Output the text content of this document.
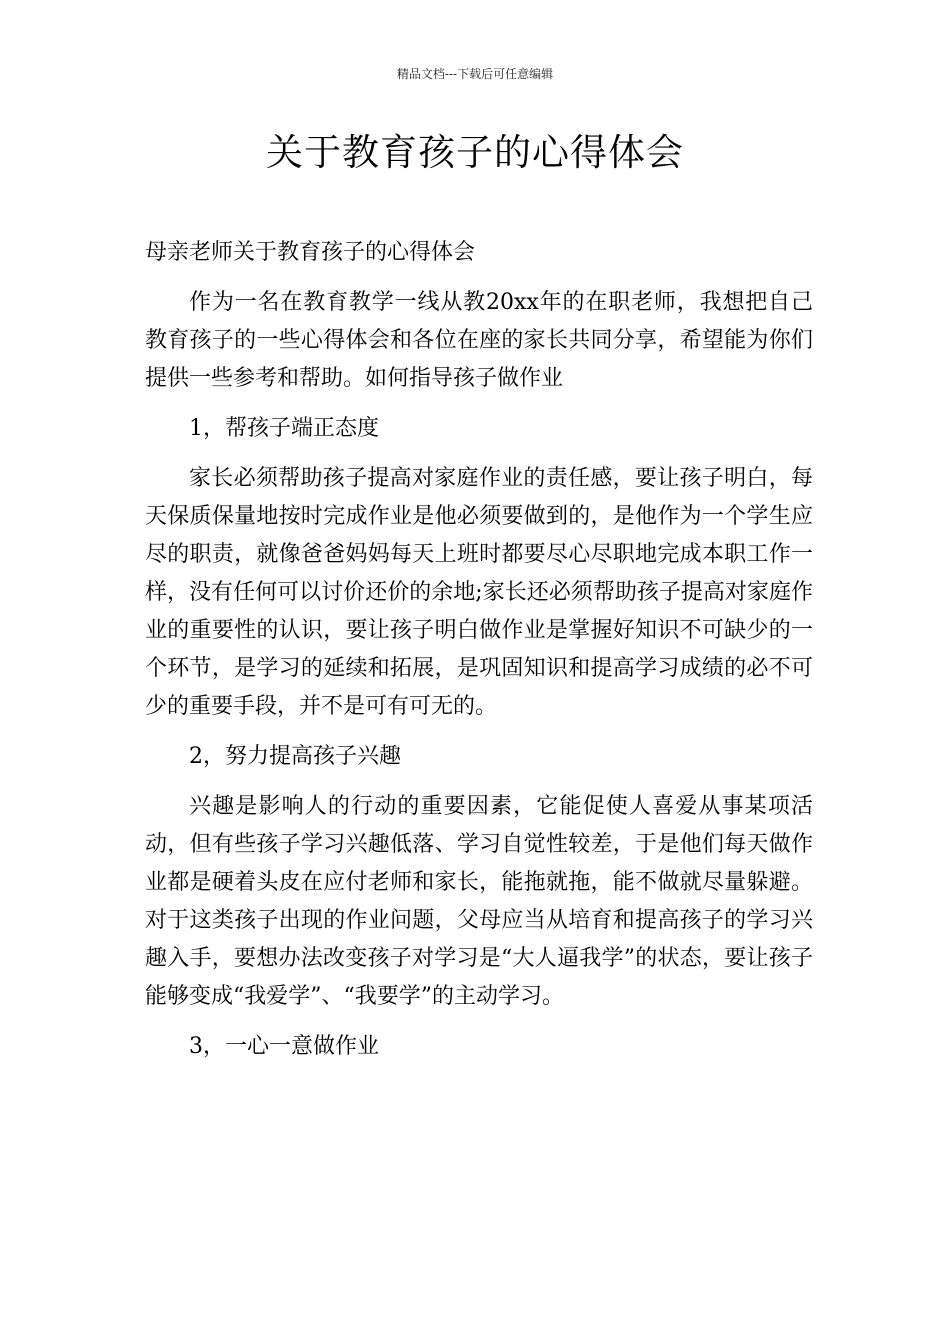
精品文档---下载后可任意编辑
关于教育孩子的心得体会

母亲老师关于教育孩子的心得体会

作为一名在教育教学一线从教20xx年的在职老师，我想把自己教育孩子的一些心得体会和各位在座的家长共同分享，希望能为你们提供一些参考和帮助。如何指导孩子做作业

1，帮孩子端正态度

家长必须帮助孩子提高对家庭作业的责任感，要让孩子明白，每天保质保量地按时完成作业是他必须要做到的，是他作为一个学生应尽的职责，就像爸爸妈妈每天上班时都要尽心尽职地完成本职工作一样，没有任何可以讨价还价的余地;家长还必须帮助孩子提高对家庭作业的重要性的认识，要让孩子明白做作业是掌握好知识不可缺少的一个环节，是学习的延续和拓展，是巩固知识和提高学习成绩的必不可少的重要手段，并不是可有可无的。

2，努力提高孩子兴趣

兴趣是影响人的行动的重要因素，它能促使人喜爱从事某项活动，但有些孩子学习兴趣低落、学习自觉性较差，于是他们每天做作业都是硬着头皮在应付老师和家长，能拖就拖，能不做就尽量躲避。对于这类孩子出现的作业问题，父母应当从培育和提高孩子的学习兴趣入手，要想办法改变孩子对学习是“大人逼我学”的状态，要让孩子能够变成“我爱学”、“我要学”的主动学习。

3，一心一意做作业
